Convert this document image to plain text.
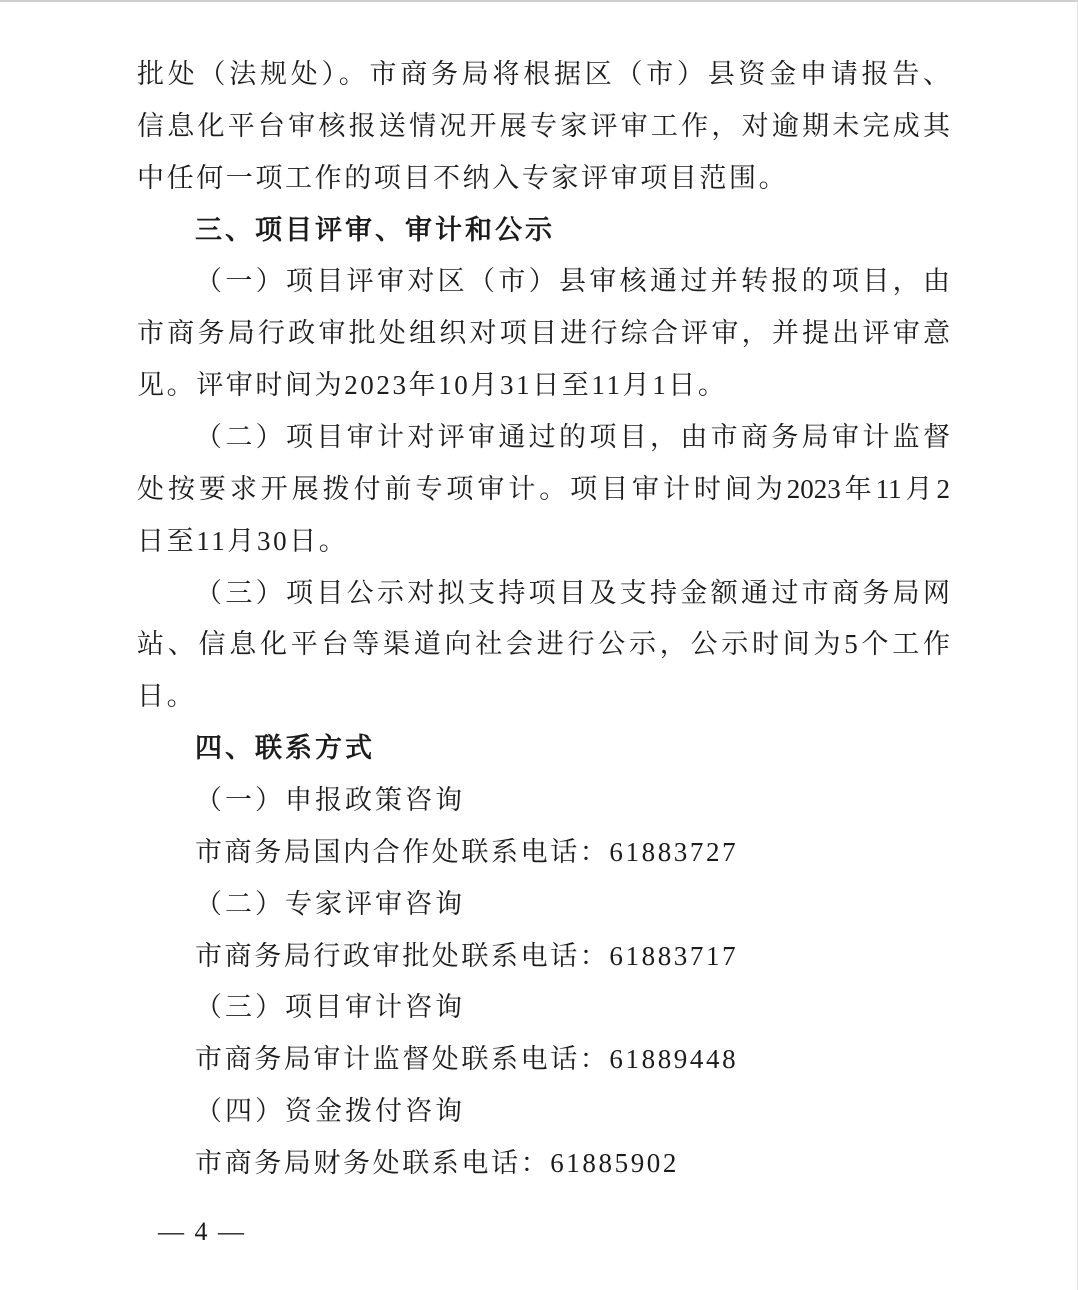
批处（法规处）。市商务局将根据区（市）县资金申请报告、
信息化平台审核报送情况开展专家评审工作，对逾期未完成其
中任何一项工作的项目不纳入专家评审项目范围。
三、项目评审、审计和公示
（一）项目评审对区（市）县审核通过并转报的项目，由
市商务局行政审批处组织对项目进行综合评审，并提出评审意
见。评审时间为2023年10月31日至11月1日。
（二）项目审计对评审通过的项目，由市商务局审计监督
处按要求开展拨付前专项审计。项目审计时间为2023年11月2
日至11月30日。
（三）项目公示对拟支持项目及支持金额通过市商务局网
站、信息化平台等渠道向社会进行公示，公示时间为5个工作
日。
四、联系方式
（一）申报政策咨询
市商务局国内合作处联系电话：61883727
（二）专家评审咨询
市商务局行政审批处联系电话：61883717
（三）项目审计咨询
市商务局审计监督处联系电话：61889448
（四）资金拨付咨询
市商务局财务处联系电话：61885902
— 4 —
